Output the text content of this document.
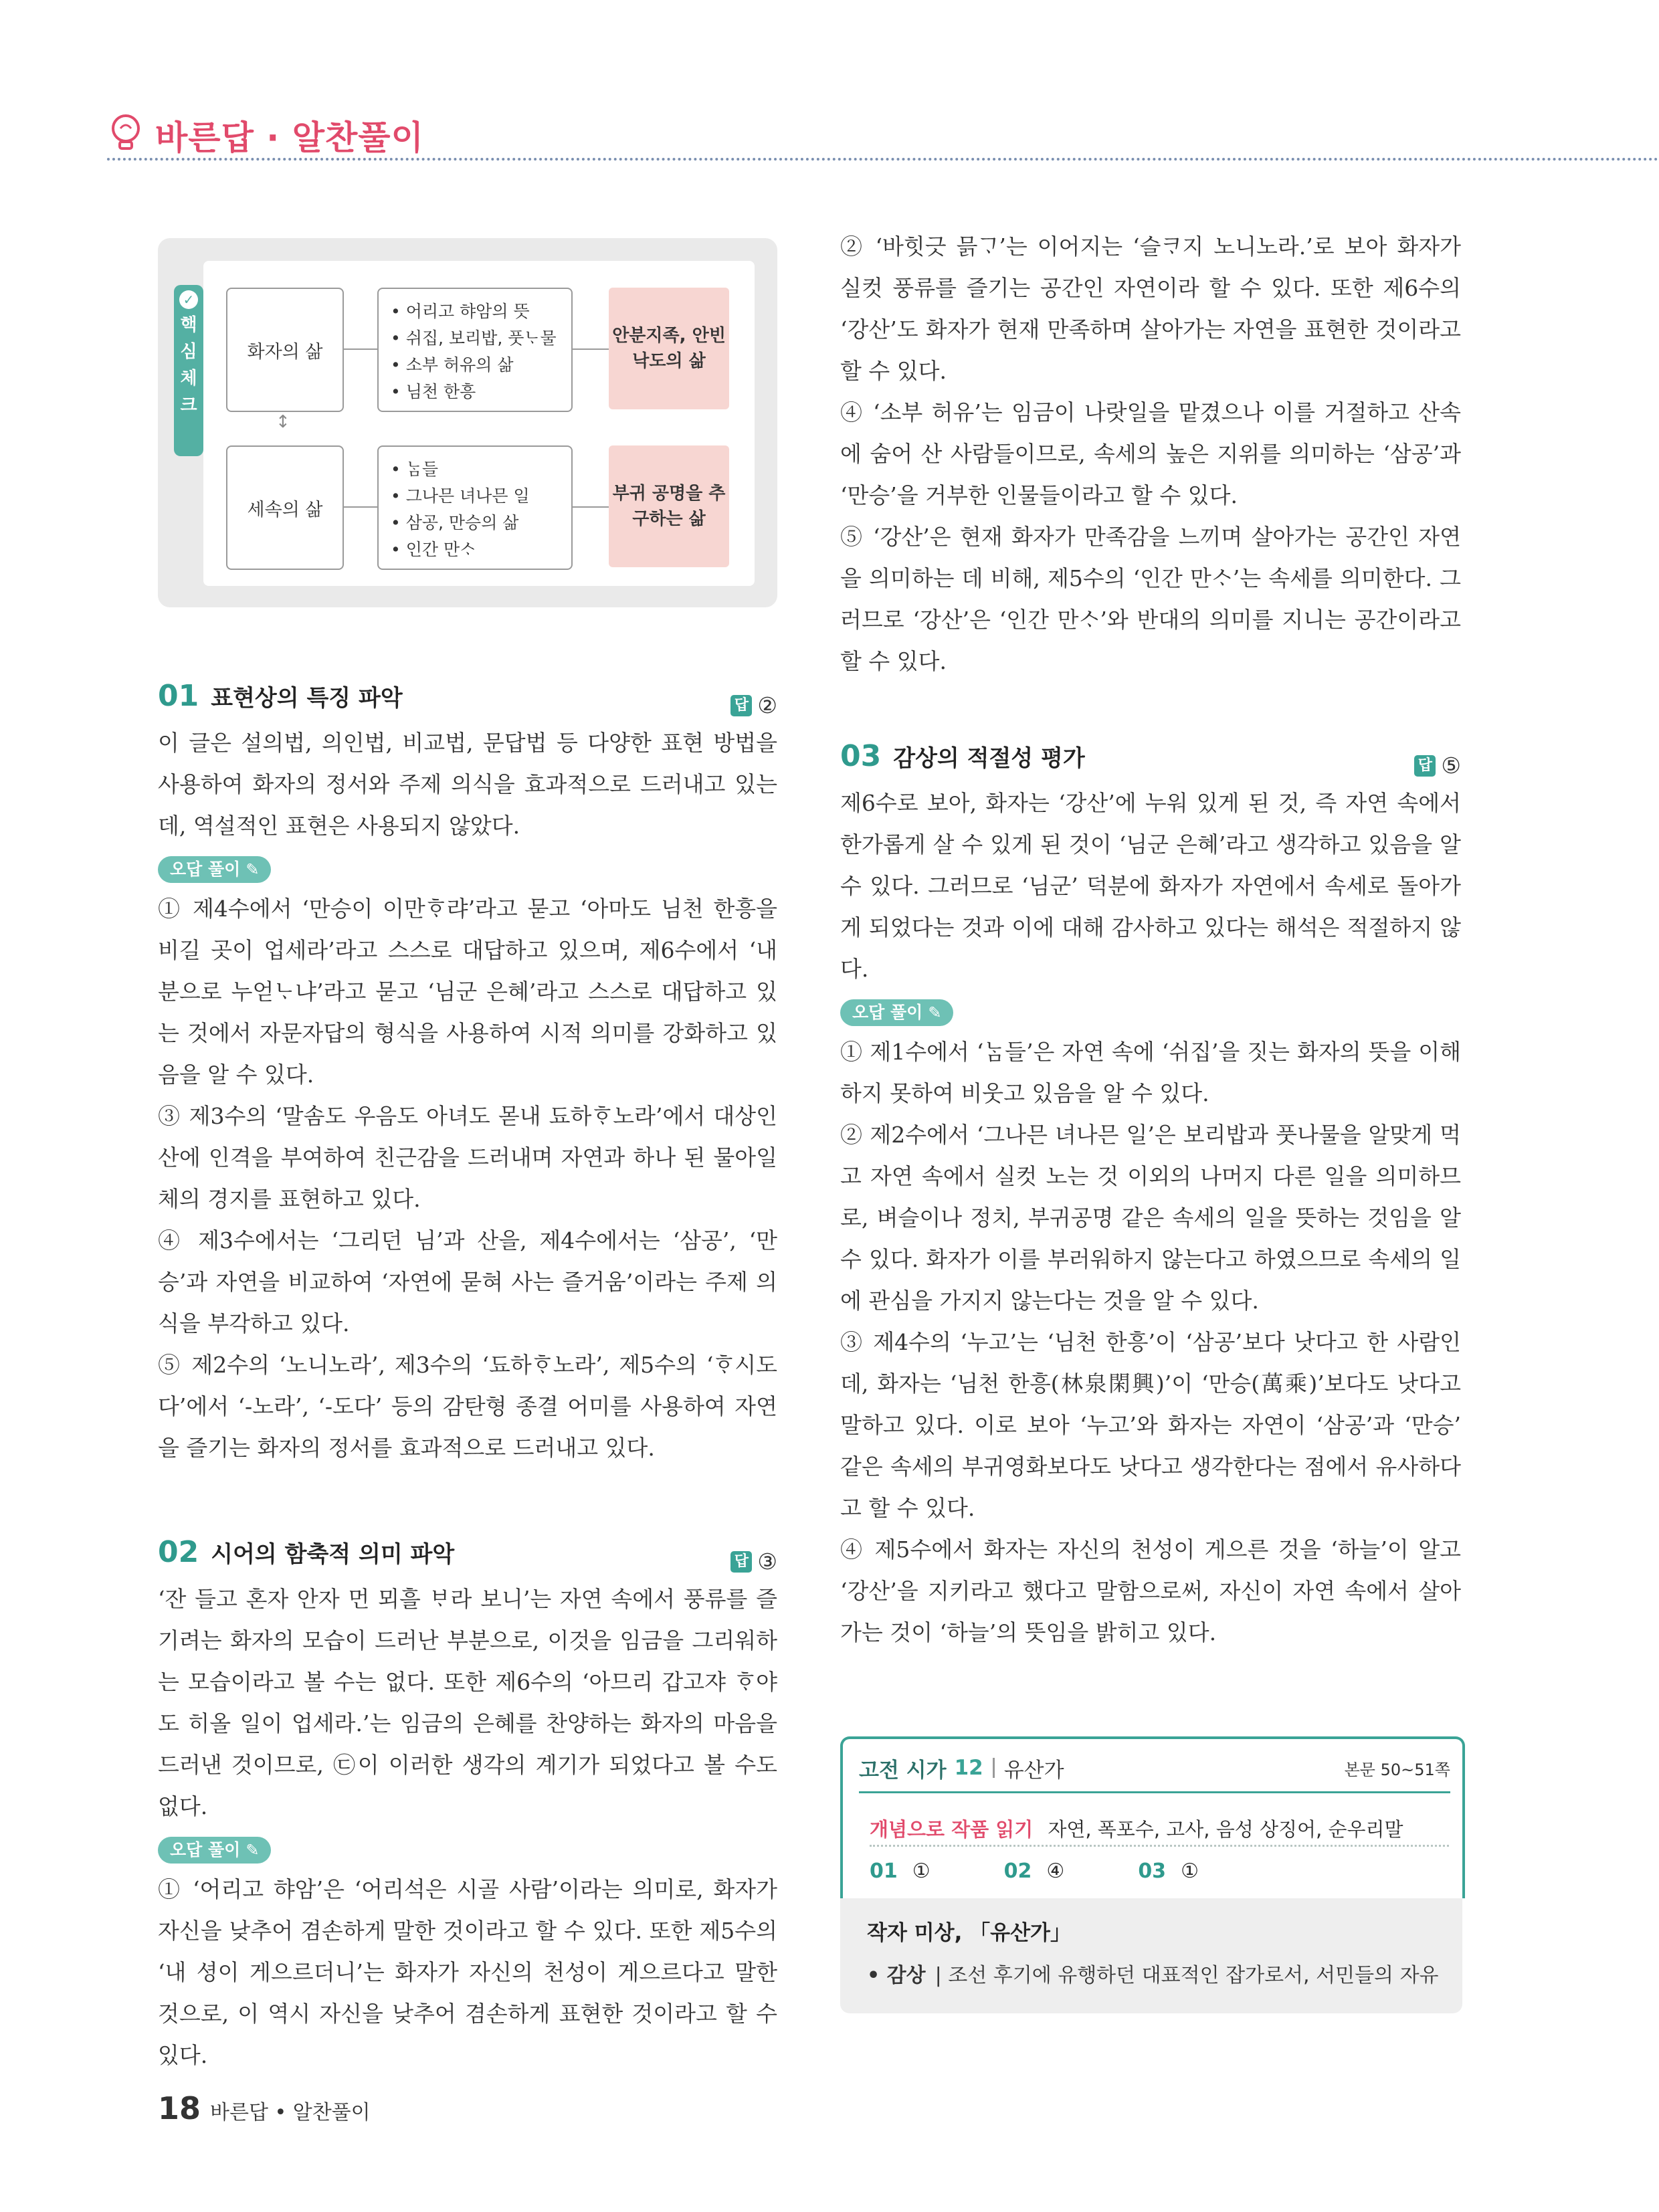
바른답 · 알찬풀이
✓
핵
심
체
크
화자의 삶
• 어리고 햐암의 뜻
• 쉬집, 보리밥, 풋ᄂᆞ물
• 소부 허유의 삶
• 님천 한흥
안분지족, 안빈낙도의 삶
↕
세속의 삶
• ᄂᆞᆷ들
• 그나믄 녀나믄 일
• 삼공, 만승의 삶
• 인간 만ᄉᆞ
부귀 공명을 추구하는 삶
01 표현상의 특징 파악	답 ②

이 글은 설의법, 의인법, 비교법, 문답법 등 다양한 표현 방법을 사용하여 화자의 정서와 주제 의식을 효과적으로 드러내고 있는데, 역설적인 표현은 사용되지 않았다.

오답 풀이 ✎

① 제4수에서 ‘만승이 이만ᄒᆞ랴’라고 묻고 ‘아마도 님천 한흥을 비길 곳이 업세라’라고 스스로 대답하고 있으며, 제6수에서 ‘내 분으로 누얻ᄂᆞ냐’라고 묻고 ‘님군 은혜’라고 스스로 대답하고 있는 것에서 자문자답의 형식을 사용하여 시적 의미를 강화하고 있음을 알 수 있다.

③ 제3수의 ‘말솜도 우음도 아녀도 몯내 됴하ᄒᆞ노라’에서 대상인 산에 인격을 부여하여 친근감을 드러내며 자연과 하나 된 물아일체의 경지를 표현하고 있다.

④ 제3수에서는 ‘그리던 님’과 산을, 제4수에서는 ‘삼공’, ‘만승’과 자연을 비교하여 ‘자연에 묻혀 사는 즐거움’이라는 주제 의식을 부각하고 있다.

⑤ 제2수의 ‘노니노라’, 제3수의 ‘됴하ᄒᆞ노라’, 제5수의 ‘ᄒᆞ시도다’에서 ‘-노라’, ‘-도다’ 등의 감탄형 종결 어미를 사용하여 자연을 즐기는 화자의 정서를 효과적으로 드러내고 있다.

02 시어의 함축적 의미 파악	답 ③

‘잔 들고 혼자 안자 먼 뫼흘 ᄇᆞ라 보니’는 자연 속에서 풍류를 즐기려는 화자의 모습이 드러난 부분으로, 이것을 임금을 그리워하는 모습이라고 볼 수는 없다. 또한 제6수의 ‘아므리 갑고쟈 ᄒᆞ야도 히올 일이 업세라.’는 임금의 은혜를 찬양하는 화자의 마음을 드러낸 것이므로, ㉢이 이러한 생각의 계기가 되었다고 볼 수도 없다.

오답 풀이 ✎

① ‘어리고 햐암’은 ‘어리석은 시골 사람’이라는 의미로, 화자가 자신을 낮추어 겸손하게 말한 것이라고 할 수 있다. 또한 제5수의 ‘내 셩이 게으르더니’는 화자가 자신의 천성이 게으르다고 말한 것으로, 이 역시 자신을 낮추어 겸손하게 표현한 것이라고 할 수 있다.

② ‘바힛긋 믉ᄀᆞ’는 이어지는 ‘슬ᄏᆞ지 노니노라.’로 보아 화자가 실컷 풍류를 즐기는 공간인 자연이라 할 수 있다. 또한 제6수의 ‘강산’도 화자가 현재 만족하며 살아가는 자연을 표현한 것이라고 할 수 있다.

④ ‘소부 허유’는 임금이 나랏일을 맡겼으나 이를 거절하고 산속에 숨어 산 사람들이므로, 속세의 높은 지위를 의미하는 ‘삼공’과 ‘만승’을 거부한 인물들이라고 할 수 있다.

⑤ ‘강산’은 현재 화자가 만족감을 느끼며 살아가는 공간인 자연을 의미하는 데 비해, 제5수의 ‘인간 만ᄉᆞ’는 속세를 의미한다. 그러므로 ‘강산’은 ‘인간 만ᄉᆞ’와 반대의 의미를 지니는 공간이라고 할 수 있다.

03 감상의 적절성 평가	답 ⑤

제6수로 보아, 화자는 ‘강산’에 누워 있게 된 것, 즉 자연 속에서 한가롭게 살 수 있게 된 것이 ‘님군 은혜’라고 생각하고 있음을 알 수 있다. 그러므로 ‘님군’ 덕분에 화자가 자연에서 속세로 돌아가게 되었다는 것과 이에 대해 감사하고 있다는 해석은 적절하지 않다.

오답 풀이 ✎

① 제1수에서 ‘ᄂᆞᆷ들’은 자연 속에 ‘쉬집’을 짓는 화자의 뜻을 이해하지 못하여 비웃고 있음을 알 수 있다.

② 제2수에서 ‘그나믄 녀나믄 일’은 보리밥과 풋나물을 알맞게 먹고 자연 속에서 실컷 노는 것 이외의 나머지 다른 일을 의미하므로, 벼슬이나 정치, 부귀공명 같은 속세의 일을 뜻하는 것임을 알 수 있다. 화자가 이를 부러워하지 않는다고 하였으므로 속세의 일에 관심을 가지지 않는다는 것을 알 수 있다.

③ 제4수의 ‘누고’는 ‘님천 한흥’이 ‘삼공’보다 낫다고 한 사람인데, 화자는 ‘님천 한흥(林泉閑興)’이 ‘만승(萬乘)’보다도 낫다고 말하고 있다. 이로 보아 ‘누고’와 화자는 자연이 ‘삼공’과 ‘만승’ 같은 속세의 부귀영화보다도 낫다고 생각한다는 점에서 유사하다고 할 수 있다.

④ 제5수에서 화자는 자신의 천성이 게으른 것을 ‘하늘’이 알고 ‘강산’을 지키라고 했다고 말함으로써, 자신이 자연 속에서 살아가는 것이 ‘하늘’의 뜻임을 밝히고 있다.

고전 시가 12 유산가	본문 50~51쪽
개념으로 작품 읽기 자연, 폭포수, 고사, 음성 상징어, 순우리말
01 ①	02 ④	03 ①
작자 미상, 「유산가」
• 감상 | 조선 후기에 유행하던 대표적인 잡가로서, 서민들의 자유
18 바른답 • 알찬풀이
